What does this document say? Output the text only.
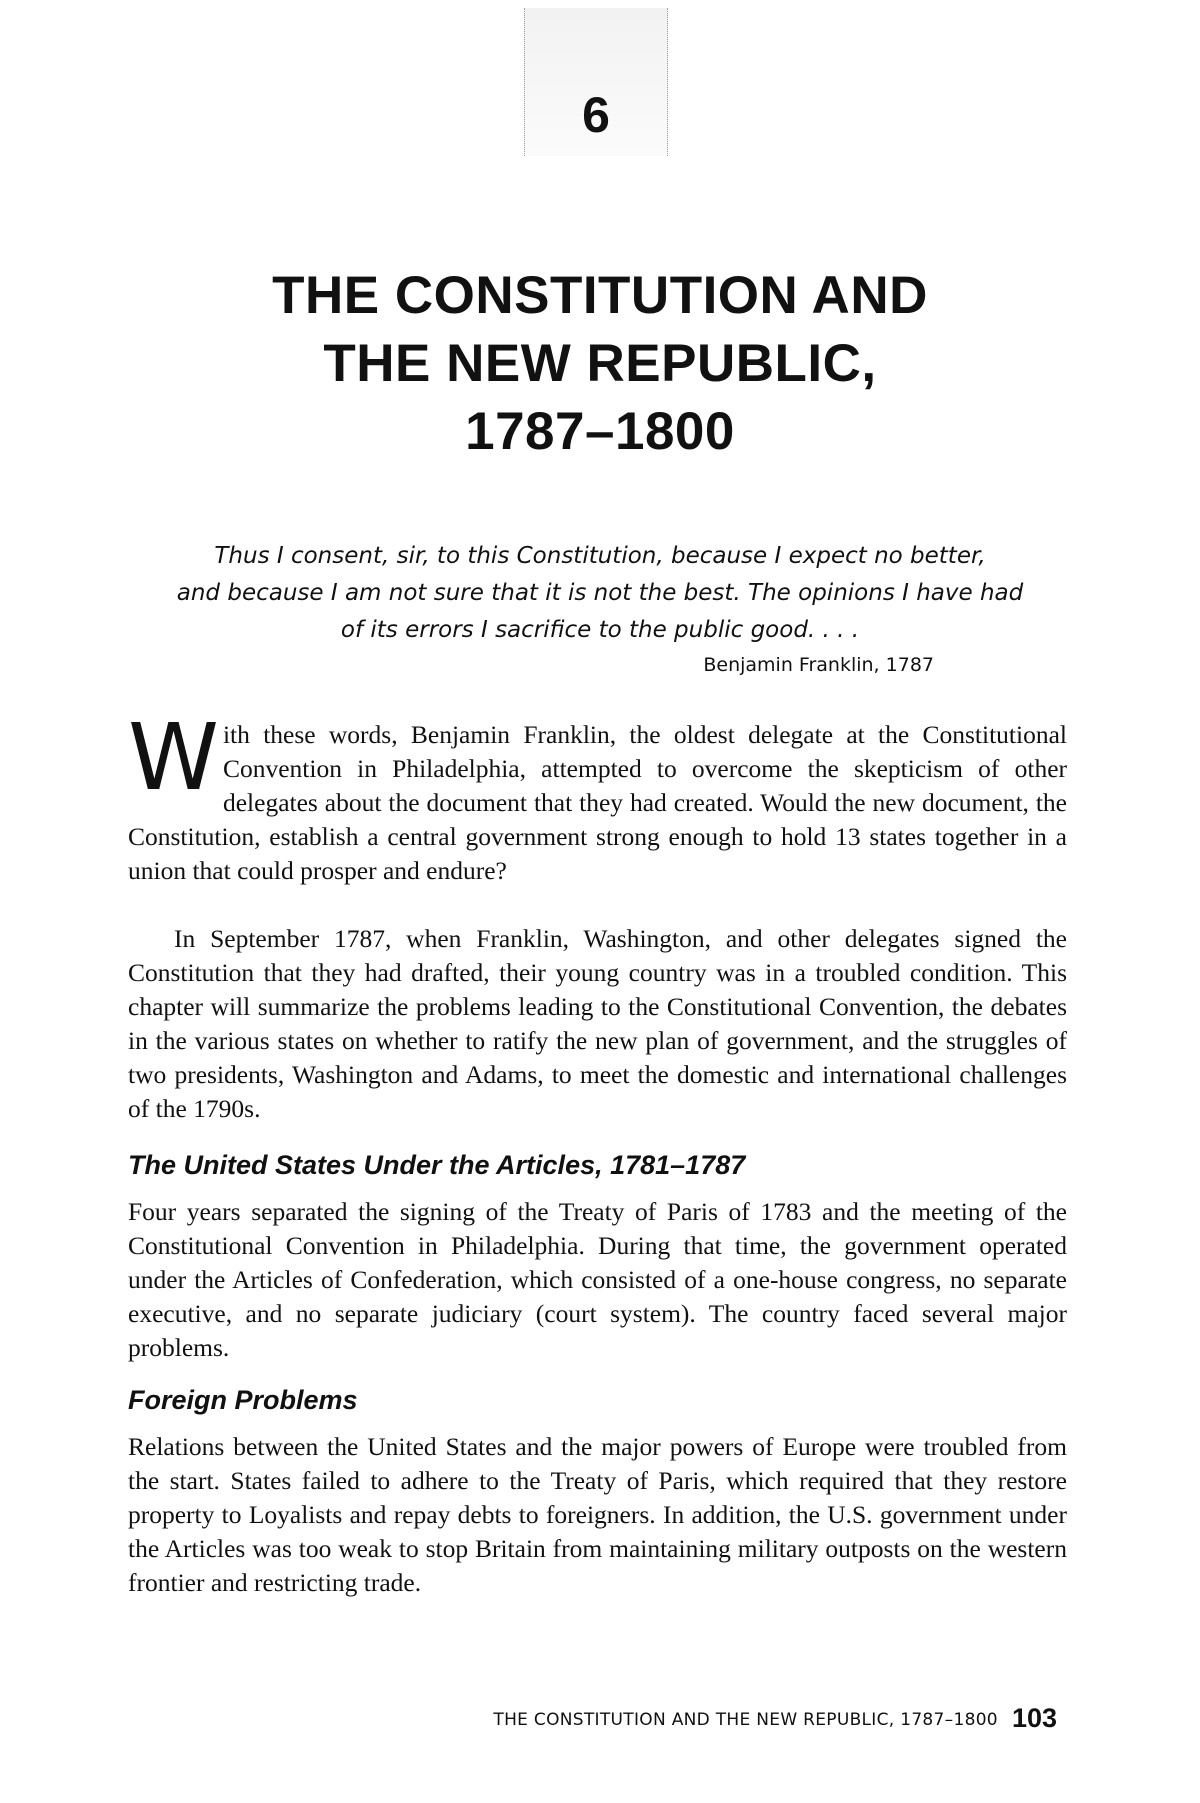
6
THE CONSTITUTION AND
THE NEW REPUBLIC,
1787–1800
Thus I consent, sir, to this Constitution, because I expect no better,
and because I am not sure that it is not the best. The opinions I have had
of its errors I sacrifice to the public good. . . .
Benjamin Franklin, 1787
With these words, Benjamin Franklin, the oldest delegate at the Constitutional Convention in Philadelphia, attempted to overcome the skepticism of other delegates about the document that they had created. Would the new document, the Constitution, establish a central government strong enough to hold 13 states together in a union that could prosper and endure?
In September 1787, when Franklin, Washington, and other delegates signed the Constitution that they had drafted, their young country was in a troubled condition. This chapter will summarize the problems leading to the Constitutional Convention, the debates in the various states on whether to ratify the new plan of government, and the struggles of two presidents, Washington and Adams, to meet the domestic and international challenges of the 1790s.
The United States Under the Articles, 1781–1787
Four years separated the signing of the Treaty of Paris of 1783 and the meeting of the Constitutional Convention in Philadelphia. During that time, the government operated under the Articles of Confederation, which consisted of a one-house congress, no separate executive, and no separate judiciary (court system). The country faced several major problems.
Foreign Problems
Relations between the United States and the major powers of Europe were troubled from the start. States failed to adhere to the Treaty of Paris, which required that they restore property to Loyalists and repay debts to foreigners. In addition, the U.S. government under the Articles was too weak to stop Britain from maintaining military outposts on the western frontier and restricting trade.
THE CONSTITUTION AND THE NEW REPUBLIC, 1787–1800 103
